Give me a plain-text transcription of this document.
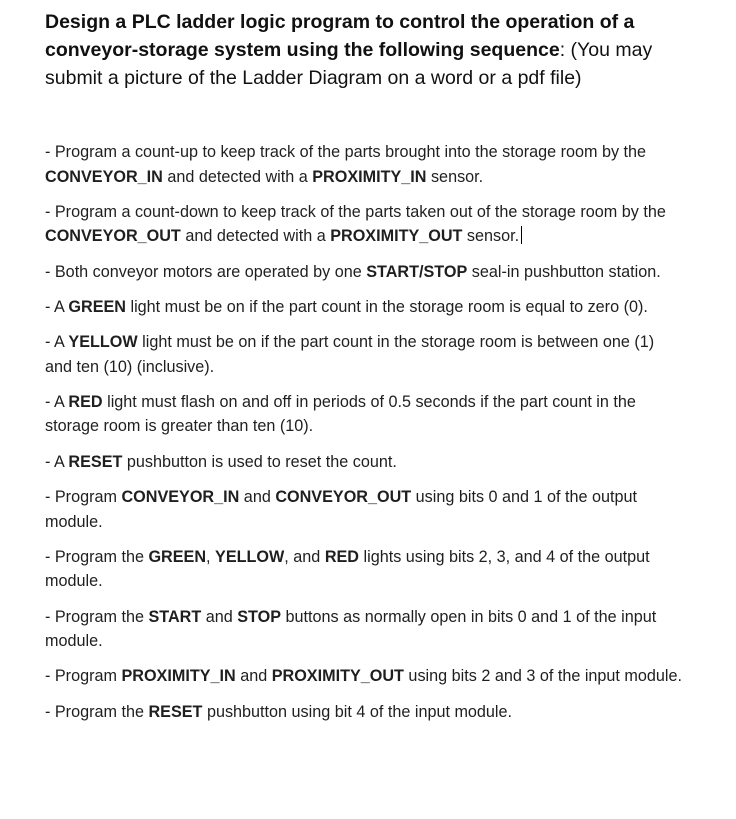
Design a PLC ladder logic program to control the operation of a conveyor-storage system using the following sequence: (You may submit a picture of the Ladder Diagram on a word or a pdf file)

- Program a count-up to keep track of the parts brought into the storage room by the CONVEYOR_IN and detected with a PROXIMITY_IN sensor.

- Program a count-down to keep track of the parts taken out of the storage room by the CONVEYOR_OUT and detected with a PROXIMITY_OUT sensor.

- Both conveyor motors are operated by one START/STOP seal-in pushbutton station.

- A GREEN light must be on if the part count in the storage room is equal to zero (0).

- A YELLOW light must be on if the part count in the storage room is between one (1) and ten (10) (inclusive).

- A RED light must flash on and off in periods of 0.5 seconds if the part count in the storage room is greater than ten (10).

- A RESET pushbutton is used to reset the count.

- Program CONVEYOR_IN and CONVEYOR_OUT using bits 0 and 1 of the output module.

- Program the GREEN, YELLOW, and RED lights using bits 2, 3, and 4 of the output module.

- Program the START and STOP buttons as normally open in bits 0 and 1 of the input module.

- Program PROXIMITY_IN and PROXIMITY_OUT using bits 2 and 3 of the input module.

- Program the RESET pushbutton using bit 4 of the input module.
